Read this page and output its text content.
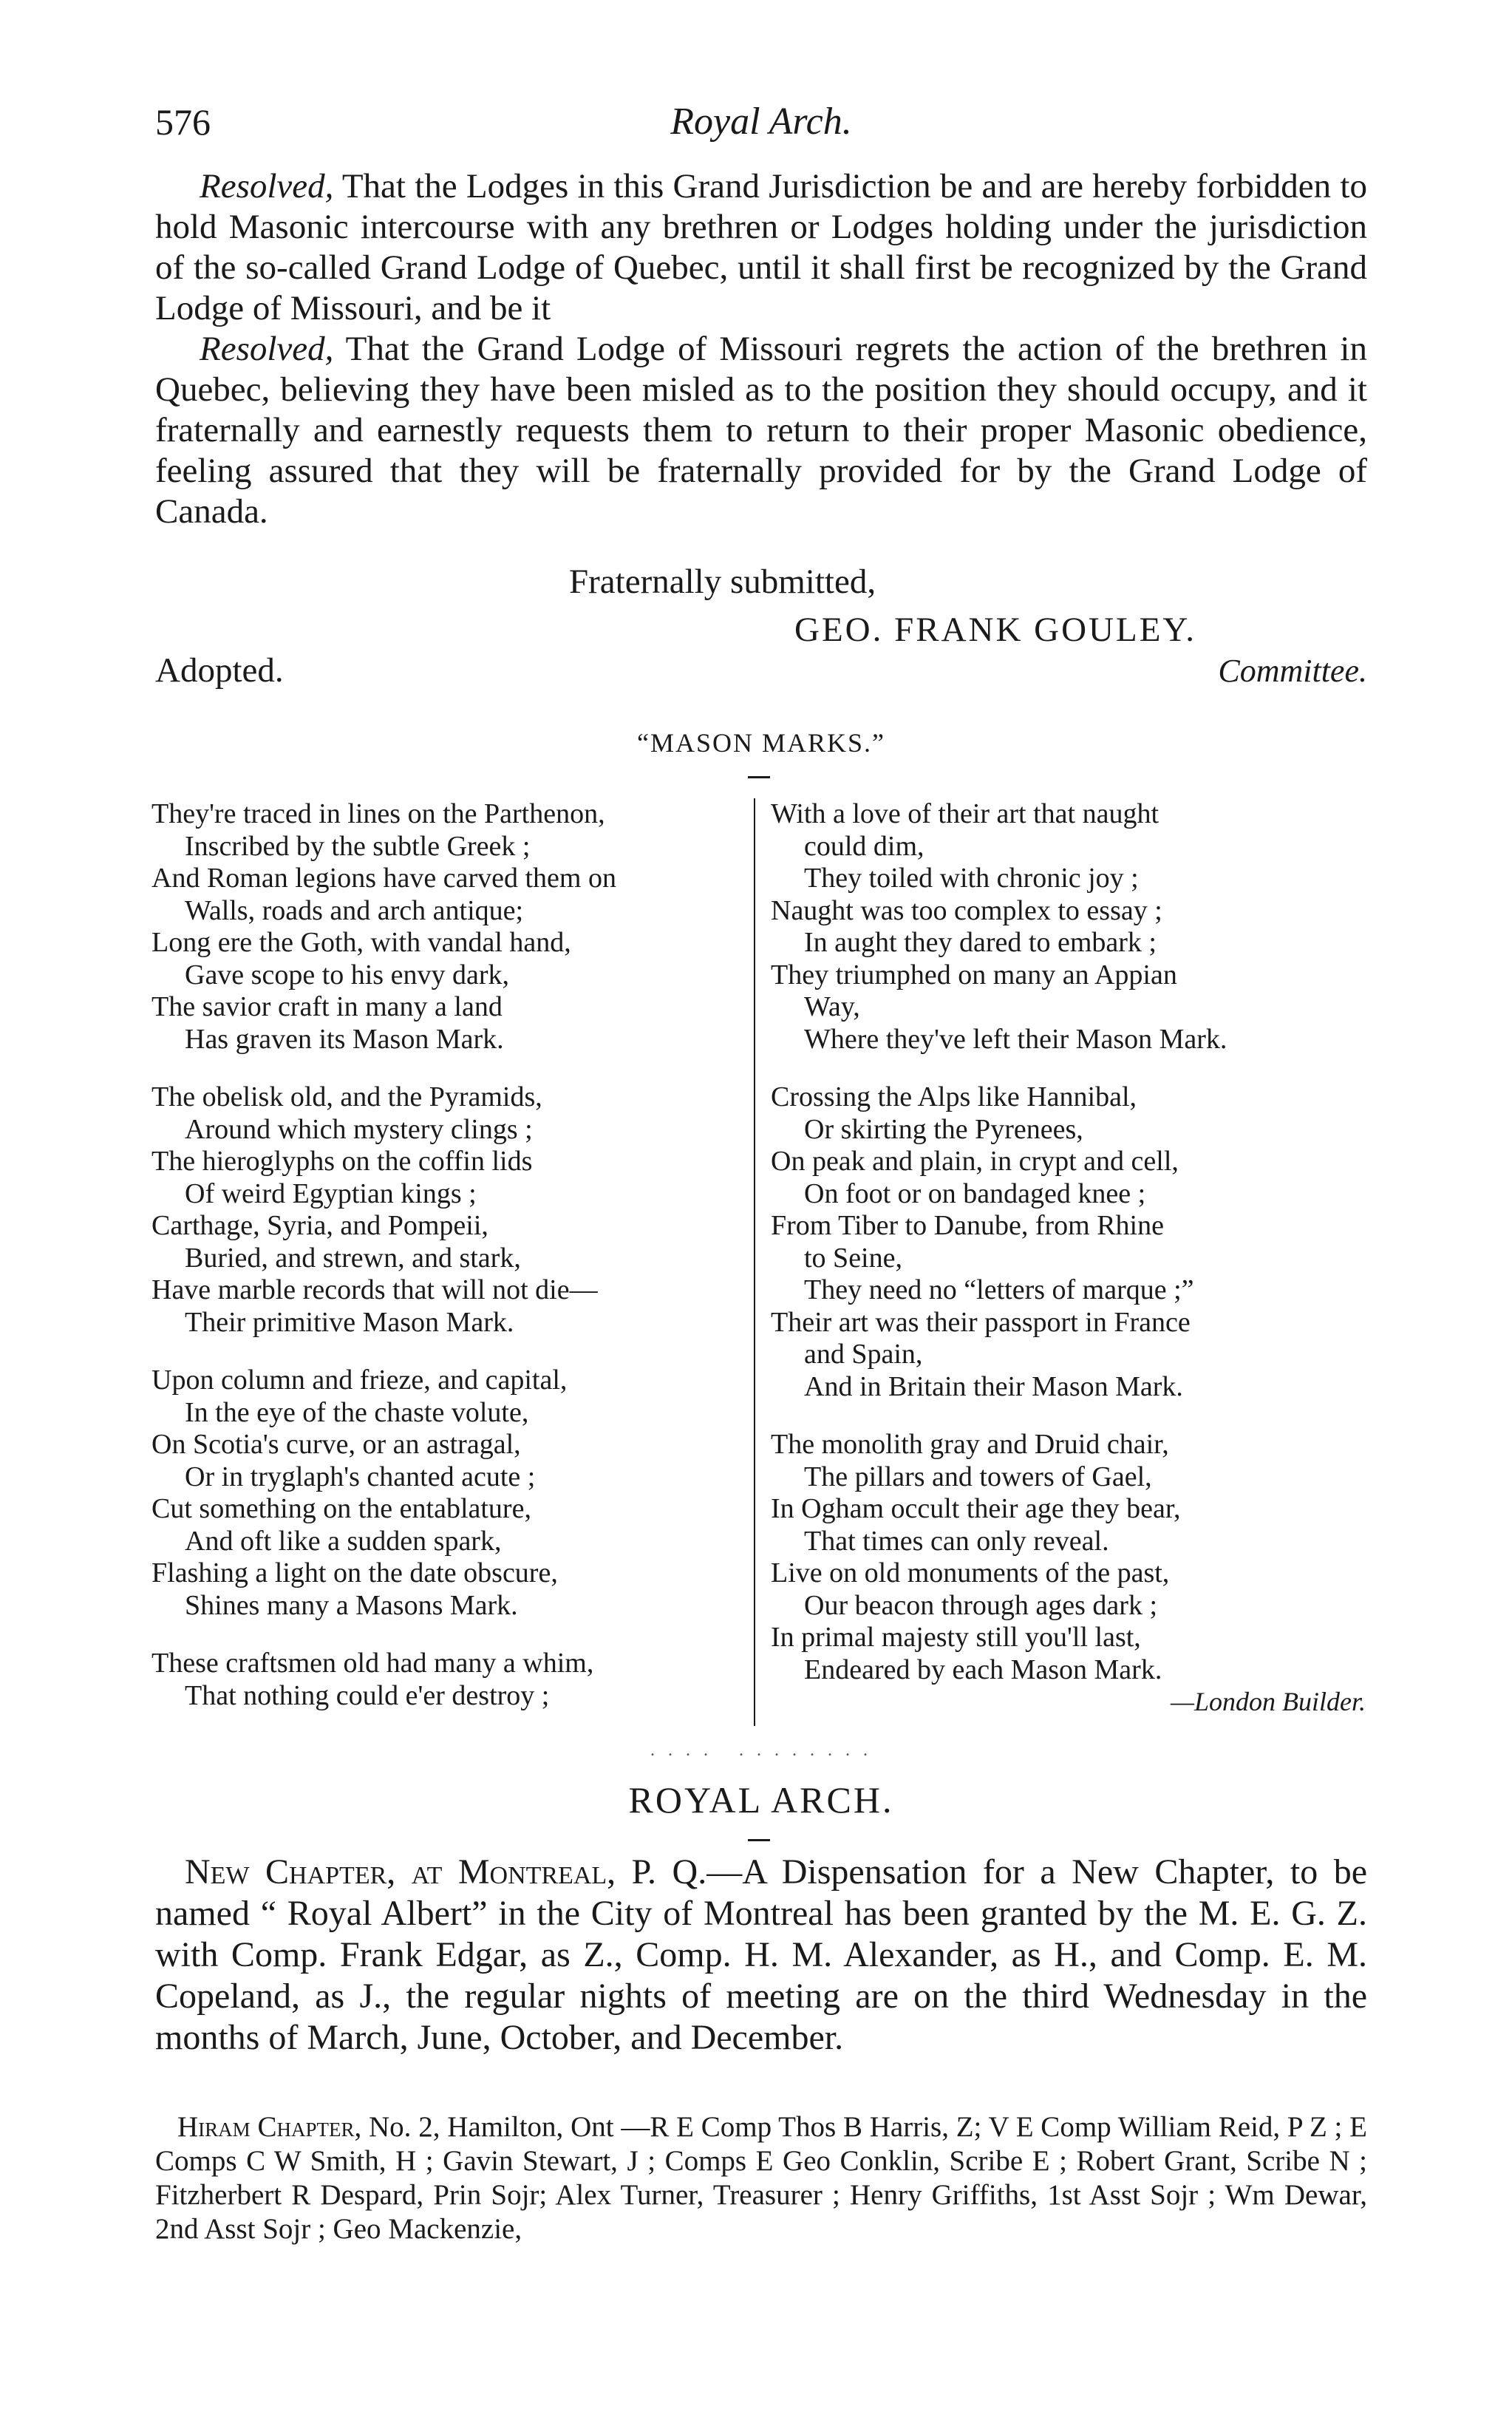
576	Royal Arch.

Resolved, That the Lodges in this Grand Jurisdiction be and are hereby forbidden to hold Masonic intercourse with any brethren or Lodges holding under the jurisdiction of the so-called Grand Lodge of Quebec, until it shall first be recognized by the Grand Lodge of Missouri, and be it

Resolved, That the Grand Lodge of Missouri regrets the action of the brethren in Quebec, believing they have been misled as to the position they should occupy, and it fraternally and earnestly requests them to return to their proper Masonic obedience, feeling assured that they will be fraternally provided for by the Grand Lodge of Canada.

Fraternally submitted,
GEO. FRANK GOULEY.
Adopted.	Committee.
“MASON MARKS.”
They're traced in lines on the Parthenon,
Inscribed by the subtle Greek ;
And Roman legions have carved them on
Walls, roads and arch antique;
Long ere the Goth, with vandal hand,
Gave scope to his envy dark,
The savior craft in many a land
Has graven its Mason Mark.
The obelisk old, and the Pyramids,
Around which mystery clings ;
The hieroglyphs on the coffin lids
Of weird Egyptian kings ;
Carthage, Syria, and Pompeii,
Buried, and strewn, and stark,
Have marble records that will not die—
Their primitive Mason Mark.
Upon column and frieze, and capital,
In the eye of the chaste volute,
On Scotia's curve, or an astragal,
Or in tryglaph's chanted acute ;
Cut something on the entablature,
And oft like a sudden spark,
Flashing a light on the date obscure,
Shines many a Masons Mark.
These craftsmen old had many a whim,
That nothing could e'er destroy ;
With a love of their art that naught
could dim,
They toiled with chronic joy ;
Naught was too complex to essay ;
In aught they dared to embark ;
They triumphed on many an Appian
Way,
Where they've left their Mason Mark.
Crossing the Alps like Hannibal,
Or skirting the Pyrenees,
On peak and plain, in crypt and cell,
On foot or on bandaged knee ;
From Tiber to Danube, from Rhine
to Seine,
They need no “letters of marque ;”
Their art was their passport in France
and Spain,
And in Britain their Mason Mark.
The monolith gray and Druid chair,
The pillars and towers of Gael,
In Ogham occult their age they bear,
That times can only reveal.
Live on old monuments of the past,
Our beacon through ages dark ;
In primal majesty still you'll last,
Endeared by each Mason Mark.
—London Builder.
. . . .   . . . . . . . .
ROYAL ARCH.

New Chapter, at Montreal, P. Q.—A Dispensation for a New Chapter, to be named “ Royal Albert” in the City of Montreal has been granted by the M. E. G. Z. with Comp. Frank Edgar, as Z., Comp. H. M. Alexander, as H., and Comp. E. M. Copeland, as J., the regular nights of meeting are on the third Wednesday in the months of March, June, October, and December.

Hiram Chapter, No. 2, Hamilton, Ont —R E Comp Thos B Harris, Z; V E Comp William Reid, P Z ; E Comps C W Smith, H ; Gavin Stewart, J ; Comps E Geo Conklin, Scribe E ; Robert Grant, Scribe N ; Fitzherbert R Despard, Prin Sojr; Alex Turner, Treasurer ; Henry Griffiths, 1st Asst Sojr ; Wm Dewar, 2nd Asst Sojr ; Geo Mackenzie,
